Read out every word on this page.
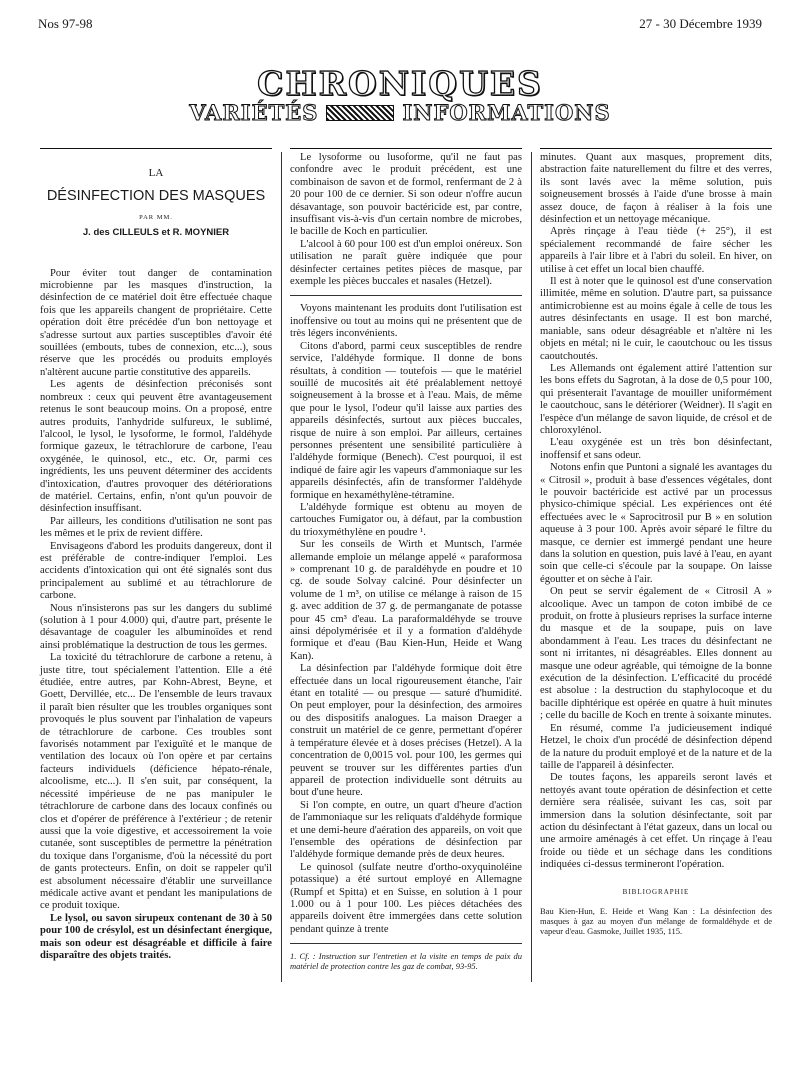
Nos 97-98	27 - 30 Décembre 1939
CHRONIQUES
VARIÉTÉS	INFORMATIONS
LA
DÉSINFECTION DES MASQUES
PAR MM.
J. des CILLEULS et R. MOYNIER

Pour éviter tout danger de contamination microbienne par les masques d'instruction, la désinfection de ce matériel doit être effectuée chaque fois que les appareils changent de propriétaire. Cette opération doit être précédée d'un bon nettoyage et s'adresse surtout aux parties susceptibles d'avoir été souillées (embouts, tubes de connexion, etc...), sous réserve que les procédés ou produits employés n'altèrent aucune partie constitutive des appareils.

Les agents de désinfection préconisés sont nombreux : ceux qui peuvent être avantageusement retenus le sont beaucoup moins. On a proposé, entre autres produits, l'anhydride sulfureux, le sublimé, l'alcool, le lysol, le lysoforme, le formol, l'aldéhyde formique gazeux, le tétrachlorure de carbone, l'eau oxygénée, le quinosol, etc., etc. Or, parmi ces ingrédients, les uns peuvent déterminer des accidents d'intoxication, d'autres provoquer des détériorations de matériel. Certains, enfin, n'ont qu'un pouvoir de désinfection insuffisant.

Par ailleurs, les conditions d'utilisation ne sont pas les mêmes et le prix de revient diffère.

Envisageons d'abord les produits dangereux, dont il est préférable de contre-indiquer l'emploi. Les accidents d'intoxication qui ont été signalés sont dus principalement au sublimé et au tétrachlorure de carbone.

Nous n'insisterons pas sur les dangers du sublimé (solution à 1 pour 4.000) qui, d'autre part, présente le désavantage de coaguler les albuminoïdes et rend ainsi problématique la destruction de tous les germes.

La toxicité du tétrachlorure de carbone a retenu, à juste titre, tout spécialement l'attention. Elle a été étudiée, entre autres, par Kohn-Abrest, Beyne, et Goett, Dervillée, etc... De l'ensemble de leurs travaux il paraît bien résulter que les troubles organiques sont provoqués le plus souvent par l'inhalation de vapeurs de tétrachlorure de carbone. Ces troubles sont favorisés notamment par l'exiguïté et le manque de ventilation des locaux où l'on opère et par certains facteurs individuels (déficience hépato-rénale, alcoolisme, etc...). Il s'en suit, par conséquent, la nécessité impérieuse de ne pas manipuler le tétrachlorure de carbone dans des locaux confinés ou clos et d'opérer de préférence à l'extérieur ; de retenir aussi que la voie digestive, et accessoirement la voie cutanée, sont susceptibles de permettre la pénétration du toxique dans l'organisme, d'où la nécessité du port de gants protecteurs. Enfin, on doit se rappeler qu'il est absolument nécessaire d'établir une surveillance médicale active avant et pendant les manipulations de ce produit toxique.

Le lysol, ou savon sirupeux contenant de 30 à 50 pour 100 de crésylol, est un désinfectant énergique, mais son odeur est désagréable et difficile à faire disparaître des objets traités.

Le lysoforme ou lusoforme, qu'il ne faut pas confondre avec le produit précédent, est une combinaison de savon et de formol, renfermant de 2 à 20 pour 100 de ce dernier. Si son odeur n'offre aucun désavantage, son pouvoir bactéricide est, par contre, insuffisant vis-à-vis d'un certain nombre de microbes, le bacille de Koch en particulier.

L'alcool à 60 pour 100 est d'un emploi onéreux. Son utilisation ne paraît guère indiquée que pour désinfecter certaines petites pièces de masque, par exemple les pièces buccales et nasales (Hetzel).

Voyons maintenant les produits dont l'utilisation est inoffensive ou tout au moins qui ne présentent que de très légers inconvénients.

Citons d'abord, parmi ceux susceptibles de rendre service, l'aldéhyde formique. Il donne de bons résultats, à condition — toutefois — que le matériel souillé de mucosités ait été préalablement nettoyé soigneusement à la brosse et à l'eau. Mais, de même que pour le lysol, l'odeur qu'il laisse aux parties des appareils désinfectés, surtout aux pièces buccales, risque de nuire à son emploi. Par ailleurs, certaines personnes présentent une sensibilité particulière à l'aldéhyde formique (Benech). C'est pourquoi, il est indiqué de faire agir les vapeurs d'ammoniaque sur les appareils désinfectés, afin de transformer l'aldéhyde formique en hexaméthylène-tétramine.

L'aldéhyde formique est obtenu au moyen de cartouches Fumigator ou, à défaut, par la combustion du trioxyméthylène en poudre ¹.

Sur les conseils de Wirth et Muntsch, l'armée allemande emploie un mélange appelé « paraformosa » comprenant 10 g. de paraldéhyde en poudre et 10 cg. de soude Solvay calciné. Pour désinfecter un volume de 1 m³, on utilise ce mélange à raison de 15 g. avec addition de 37 g. de permanganate de potasse pour 45 cm³ d'eau. La paraformaldéhyde se trouve ainsi dépolymérisée et il y a formation d'aldéhyde formique et d'eau (Bau Kien-Hun, Heide et Wang Kan).

La désinfection par l'aldéhyde formique doit être effectuée dans un local rigoureusement étanche, l'air étant en totalité — ou presque — saturé d'humidité. On peut employer, pour la désinfection, des armoires ou des dispositifs analogues. La maison Draeger a construit un matériel de ce genre, permettant d'opérer à température élevée et à doses précises (Hetzel). A la concentration de 0,0015 vol. pour 100, les germes qui peuvent se trouver sur les différentes parties d'un appareil de protection individuelle sont détruits au bout d'une heure.

Si l'on compte, en outre, un quart d'heure d'action de l'ammoniaque sur les reliquats d'aldéhyde formique et une demi-heure d'aération des appareils, on voit que l'ensemble des opérations de désinfection par l'aldéhyde formique demande près de deux heures.

Le quinosol (sulfate neutre d'ortho-oxyquinoléine potassique) a été surtout employé en Allemagne (Rumpf et Spitta) et en Suisse, en solution à 1 pour 1.000 ou à 1 pour 100. Les pièces détachées des appareils doivent être immergées dans cette solution pendant quinze à trente

1. Cf. : Instruction sur l'entretien et la visite en temps de paix du matériel de protection contre les gaz de combat, 93-95.

minutes. Quant aux masques, proprement dits, abstraction faite naturellement du filtre et des verres, ils sont lavés avec la même solution, puis soigneusement brossés à l'aide d'une brosse à main assez douce, de façon à réaliser à la fois une désinfection et un nettoyage mécanique.

Après rinçage à l'eau tiède (+ 25°), il est spécialement recommandé de faire sécher les appareils à l'air libre et à l'abri du soleil. En hiver, on utilise à cet effet un local bien chauffé.

Il est à noter que le quinosol est d'une conservation illimitée, même en solution. D'autre part, sa puissance antimicrobienne est au moins égale à celle de tous les autres désinfectants en usage. Il est bon marché, maniable, sans odeur désagréable et n'altère ni les objets en métal; ni le cuir, le caoutchouc ou les tissus caoutchoutés.

Les Allemands ont également attiré l'attention sur les bons effets du Sagrotan, à la dose de 0,5 pour 100, qui présenterait l'avantage de mouiller uniformément le caoutchouc, sans le détériorer (Weidner). Il s'agit en l'espèce d'un mélange de savon liquide, de crésol et de chloroxylénol.

L'eau oxygénée est un très bon désinfectant, inoffensif et sans odeur.

Notons enfin que Puntoni a signalé les avantages du « Citrosil », produit à base d'essences végétales, dont le pouvoir bactéricide est activé par un processus physico-chimique spécial. Les expériences ont été effectuées avec le « Saprocitrosil pur B » en solution aqueuse à 3 pour 100. Après avoir séparé le filtre du masque, ce dernier est immergé pendant une heure dans la solution en question, puis lavé à l'eau, en ayant soin que celle-ci s'écoule par la soupape. On laisse égoutter et on sèche à l'air.

On peut se servir également de « Citrosil A » alcoolique. Avec un tampon de coton imbibé de ce produit, on frotte à plusieurs reprises la surface interne du masque et de la soupape, puis on lave abondamment à l'eau. Les traces du désinfectant ne sont ni irritantes, ni désagréables. Elles donnent au masque une odeur agréable, qui témoigne de la bonne exécution de la désinfection. L'efficacité du procédé est absolue : la destruction du staphylocoque et du bacille diphtérique est opérée en quatre à huit minutes ; celle du bacille de Koch en trente à soixante minutes.

En résumé, comme l'a judicieusement indiqué Hetzel, le choix d'un procédé de désinfection dépend de la nature du produit employé et de la nature et de la taille de l'appareil à désinfecter.

De toutes façons, les appareils seront lavés et nettoyés avant toute opération de désinfection et cette dernière sera réalisée, suivant les cas, soit par immersion dans la solution désinfectante, soit par action du désinfectant à l'état gazeux, dans un local ou une armoire aménagés à cet effet. Un rinçage à l'eau froide ou tiède et un séchage dans les conditions indiquées ci-dessus termineront l'opération.

BIBLIOGRAPHIE

Bau Kien-Hun, E. Heide et Wang Kan : La désinfection des masques à gaz au moyen d'un mélange de formaldéhyde et de vapeur d'eau. Gasmoke, Juillet 1935, 115.
